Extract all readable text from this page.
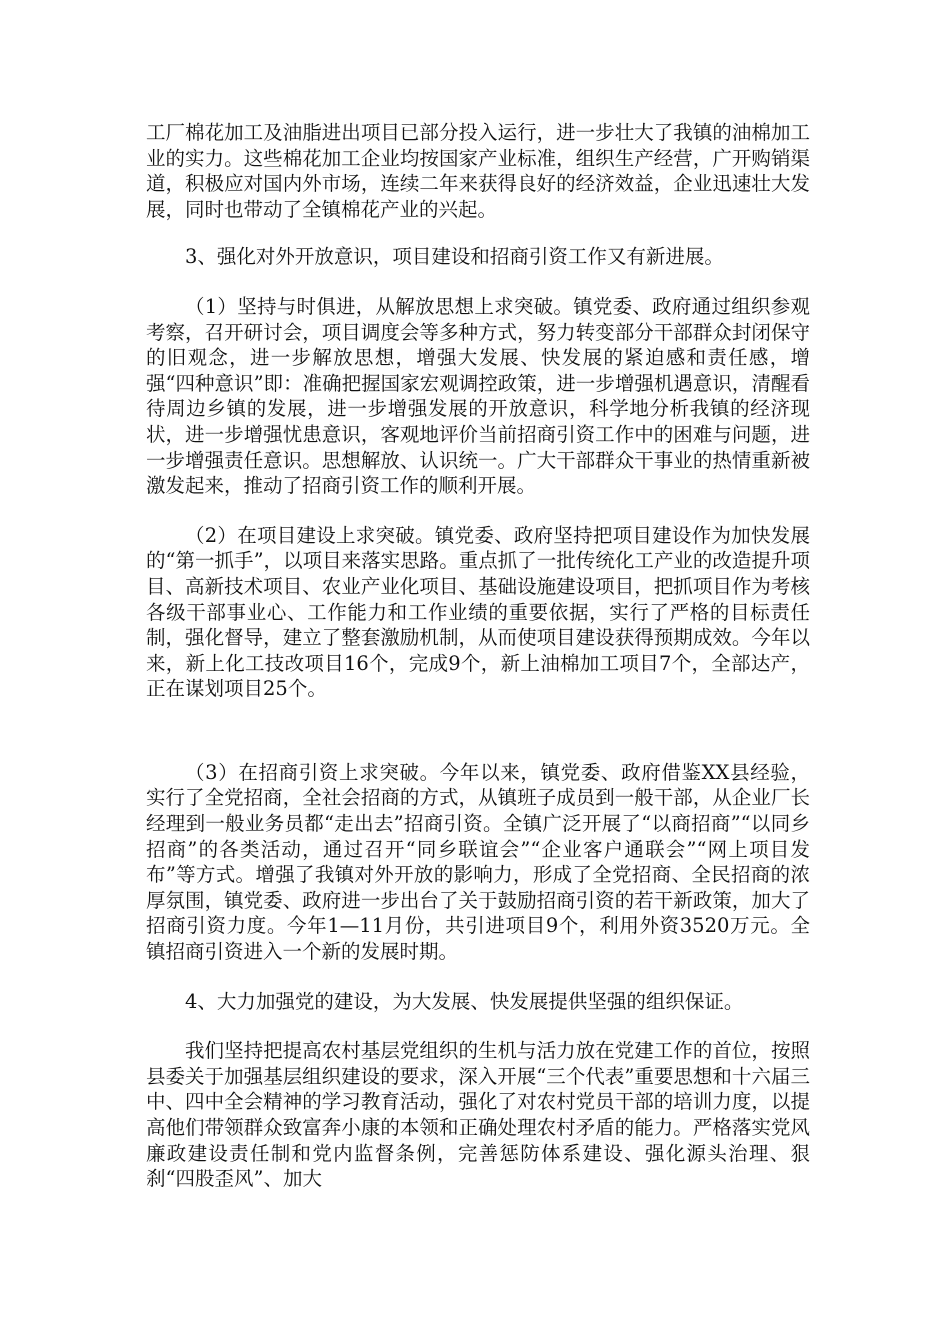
工厂棉花加工及油脂进出项目已部分投入运行，进一步壮大了我镇的油棉加工业的实力。这些棉花加工企业均按国家产业标准，组织生产经营，广开购销渠道，积极应对国内外市场，连续二年来获得良好的经济效益，企业迅速壮大发展，同时也带动了全镇棉花产业的兴起。

3、强化对外开放意识，项目建设和招商引资工作又有新进展。

（1）坚持与时俱进，从解放思想上求突破。镇党委、政府通过组织参观考察，召开研讨会，项目调度会等多种方式，努力转变部分干部群众封闭保守的旧观念，进一步解放思想，增强大发展、快发展的紧迫感和责任感，增强“四种意识”即：准确把握国家宏观调控政策，进一步增强机遇意识，清醒看待周边乡镇的发展，进一步增强发展的开放意识，科学地分析我镇的经济现状，进一步增强忧患意识，客观地评价当前招商引资工作中的困难与问题，进一步增强责任意识。思想解放、认识统一。广大干部群众干事业的热情重新被激发起来，推动了招商引资工作的顺利开展。

（2）在项目建设上求突破。镇党委、政府坚持把项目建设作为加快发展的“第一抓手”，以项目来落实思路。重点抓了一批传统化工产业的改造提升项目、高新技术项目、农业产业化项目、基础设施建设项目，把抓项目作为考核各级干部事业心、工作能力和工作业绩的重要依据，实行了严格的目标责任制，强化督导，建立了整套激励机制，从而使项目建设获得预期成效。今年以来，新上化工技改项目16个，完成9个，新上油棉加工项目7个，全部达产，正在谋划项目25个。

（3）在招商引资上求突破。今年以来，镇党委、政府借鉴XX县经验，实行了全党招商，全社会招商的方式，从镇班子成员到一般干部，从企业厂长经理到一般业务员都“走出去”招商引资。全镇广泛开展了“以商招商”“以同乡招商”的各类活动，通过召开“同乡联谊会”“企业客户通联会”“网上项目发布”等方式。增强了我镇对外开放的影响力，形成了全党招商、全民招商的浓厚氛围，镇党委、政府进一步出台了关于鼓励招商引资的若干新政策，加大了招商引资力度。今年1—11月份，共引进项目9个，利用外资3520万元。全镇招商引资进入一个新的发展时期。

4、大力加强党的建设，为大发展、快发展提供坚强的组织保证。

我们坚持把提高农村基层党组织的生机与活力放在党建工作的首位，按照县委关于加强基层组织建设的要求，深入开展“三个代表”重要思想和十六届三中、四中全会精神的学习教育活动，强化了对农村党员干部的培训力度，以提高他们带领群众致富奔小康的本领和正确处理农村矛盾的能力。严格落实党风廉政建设责任制和党内监督条例，完善惩防体系建设、强化源头治理、狠刹“四股歪风”、加大
